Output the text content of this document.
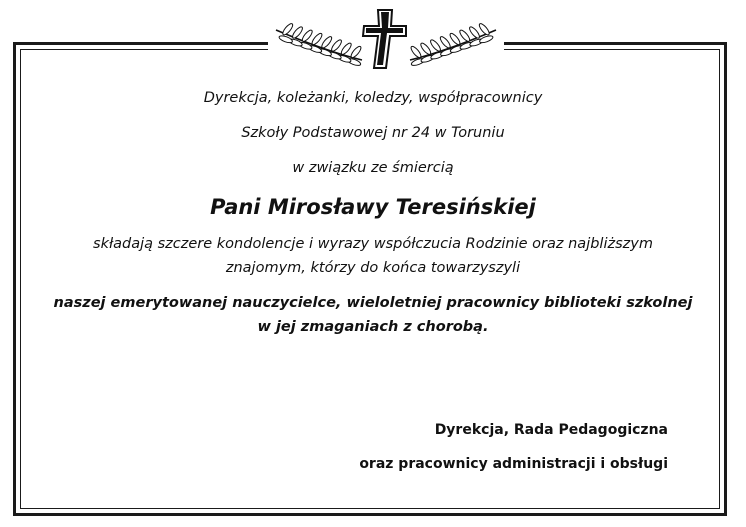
Dyrekcja, koleżanki, koledzy, współpracownicy
Szkoły Podstawowej nr 24 w Toruniu
w związku ze śmiercią
Pani Mirosławy Teresińskiej
składają szczere kondolencje i wyrazy współczucia Rodzinie oraz najbliższym
znajomym, którzy do końca towarzyszyli
naszej emerytowanej nauczycielce, wieloletniej pracownicy biblioteki szkolnej
w jej zmaganiach z chorobą.
Dyrekcja, Rada Pedagogiczna
oraz pracownicy administracji i obsługi
